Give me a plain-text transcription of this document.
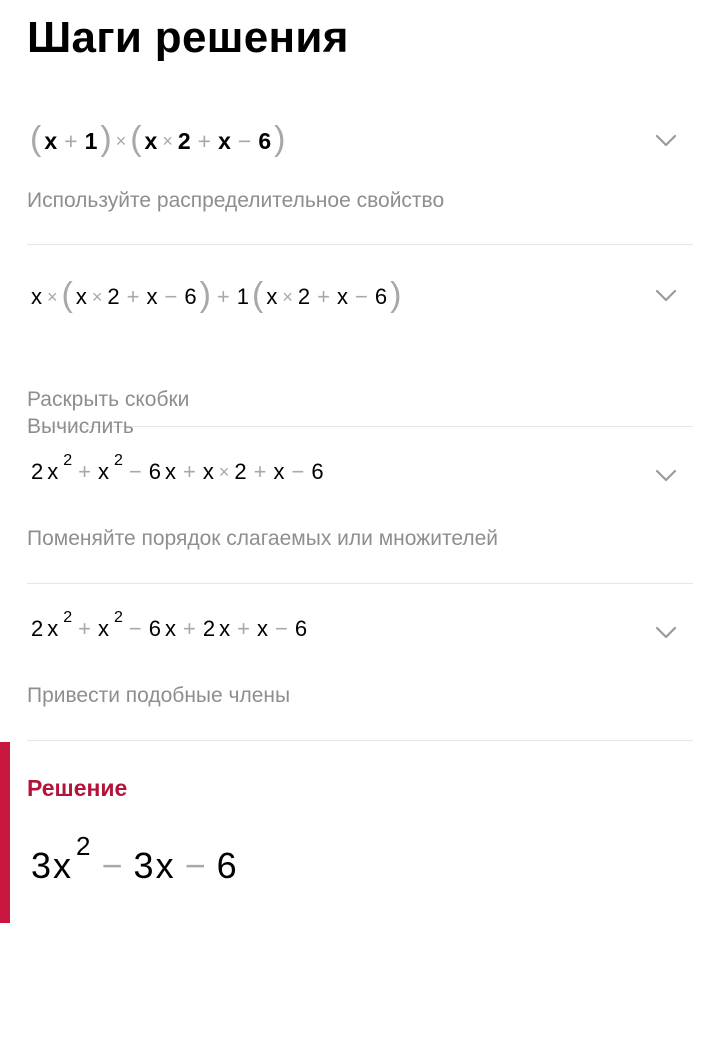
Шаги решения
( x + 1 ) × ( x × 2 + x − 6 )
Используйте распределительное свойство
x × ( x × 2 + x − 6 ) + 1 ( x × 2 + x − 6 )
Раскрыть скобки
Вычислить
2 x 2 + x 2 − 6 x + x × 2 + x − 6
Поменяйте порядок слагаемых или множителей
2 x 2 + x 2 − 6 x + 2 x + x − 6
Привести подобные члены
Решение
3 x 2 − 3 x − 6
